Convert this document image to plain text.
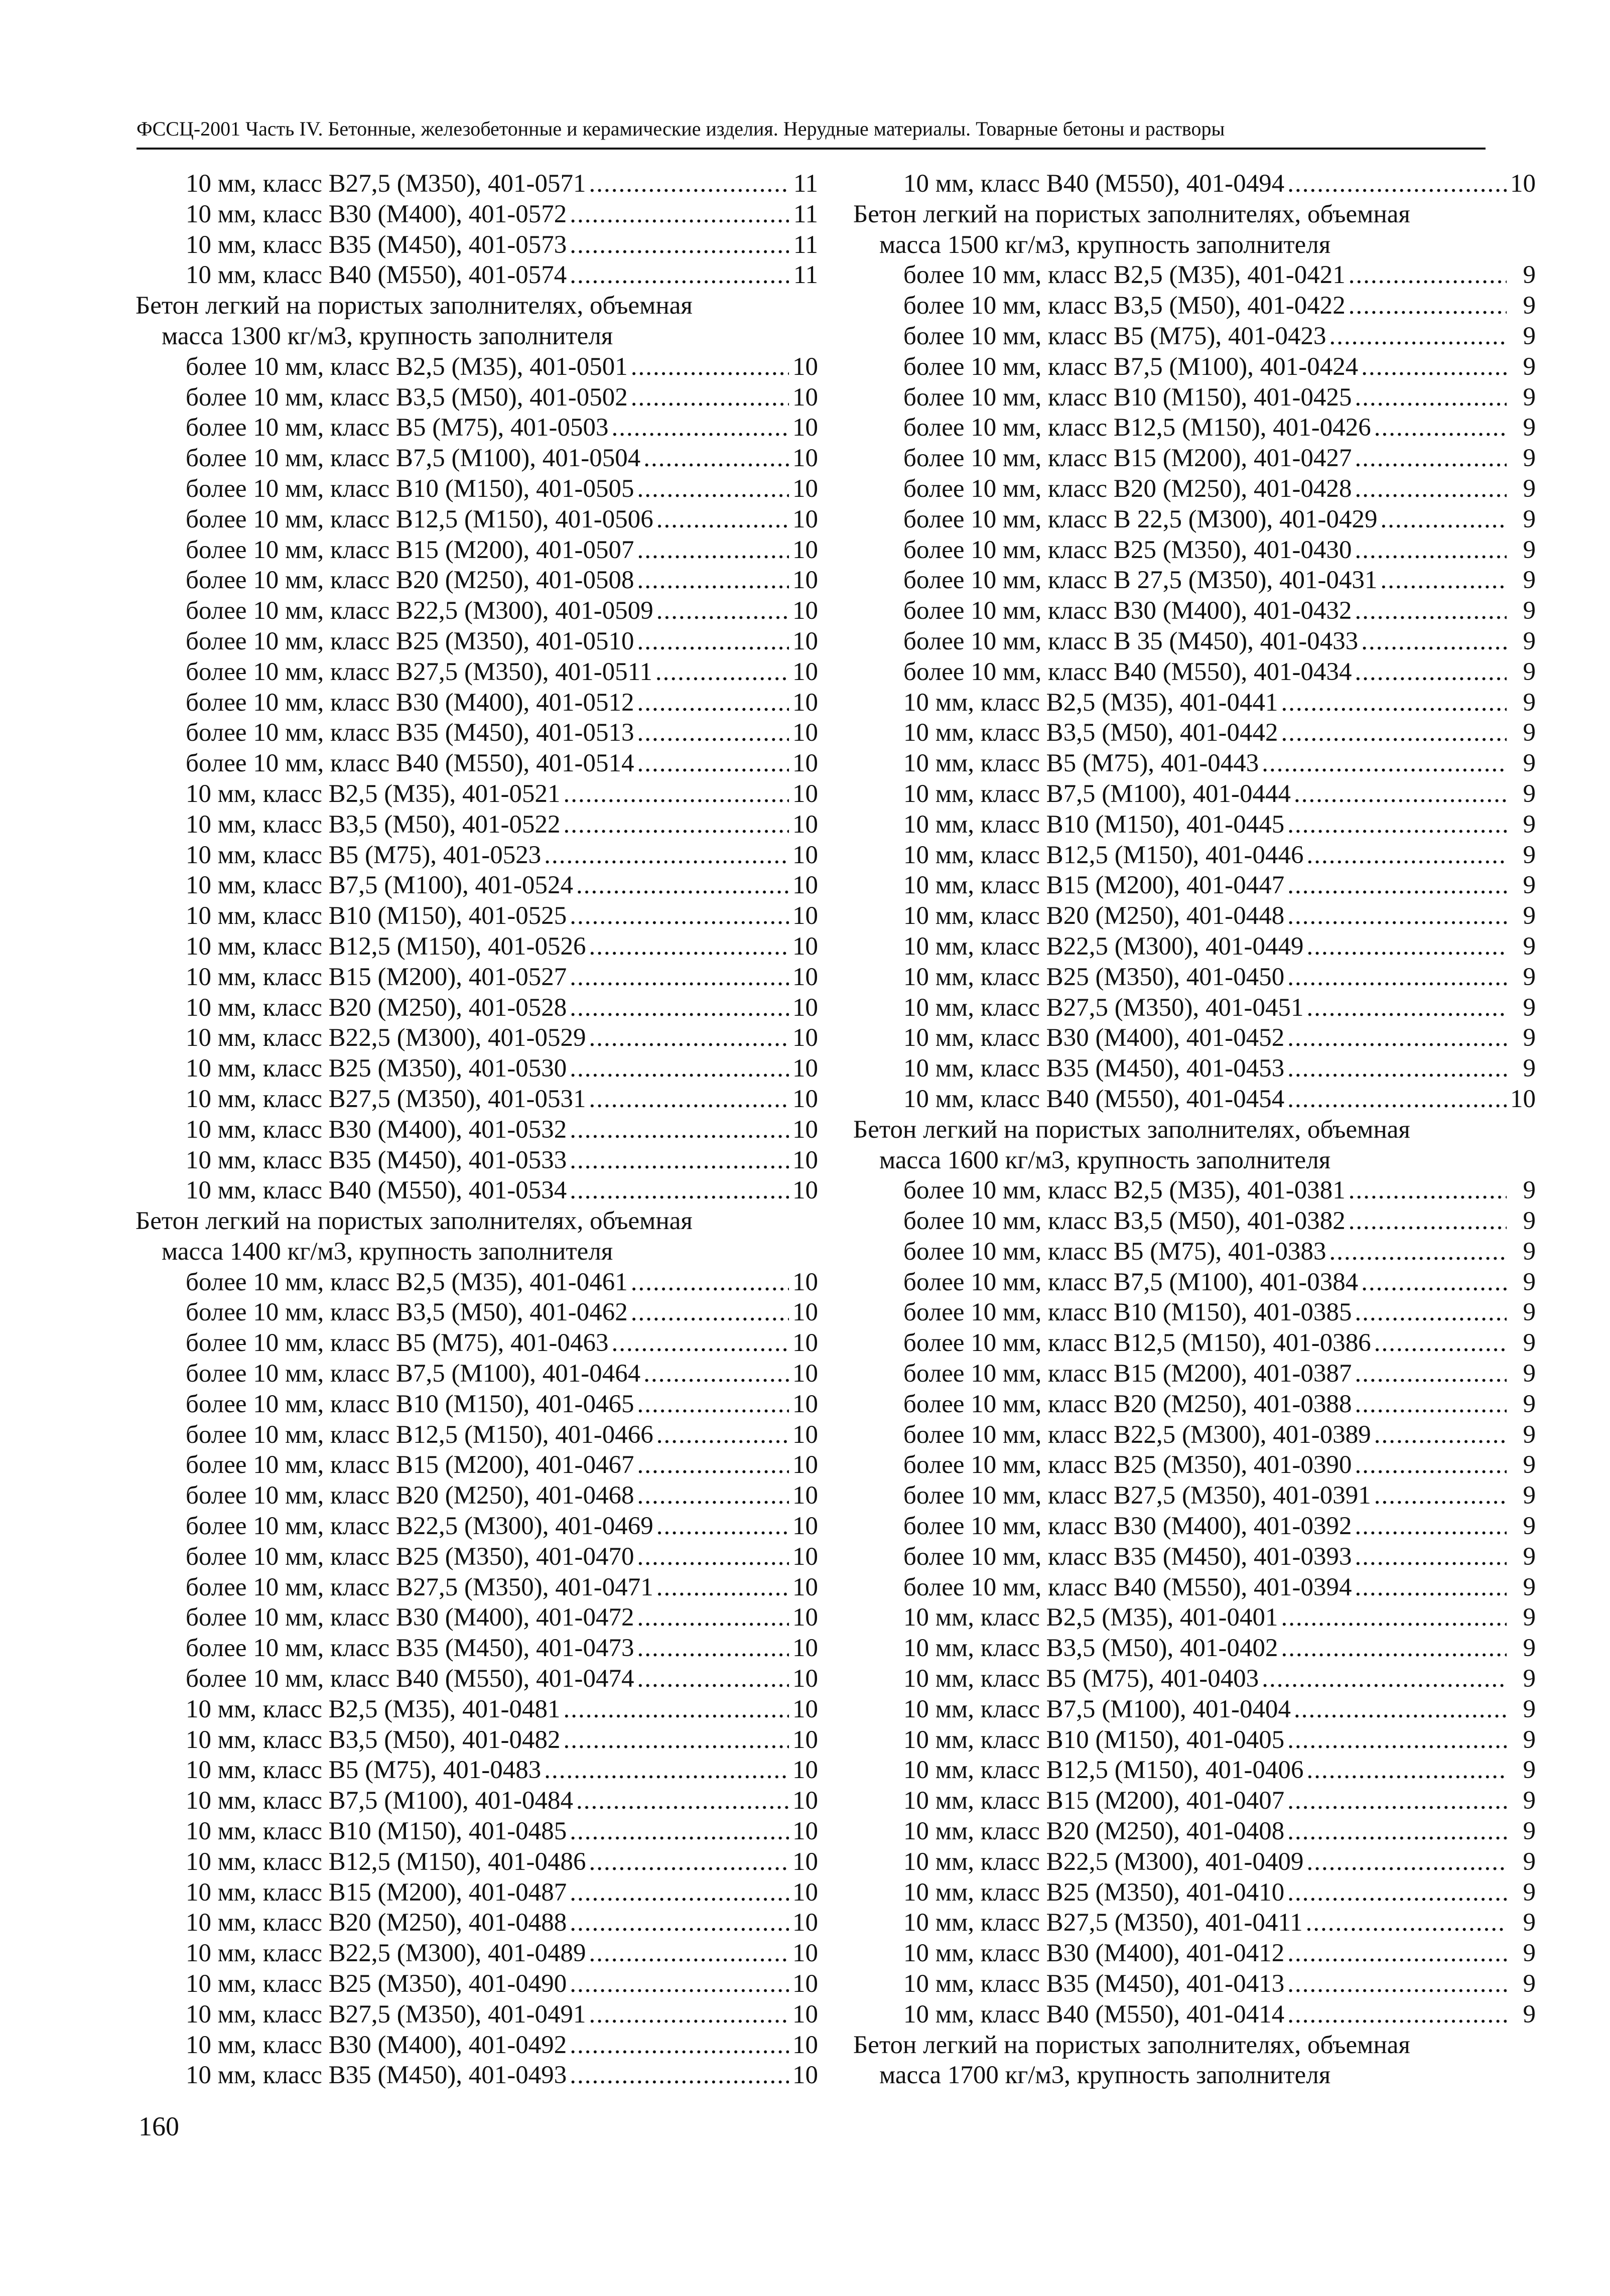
ФССЦ-2001 Часть IV. Бетонные, железобетонные и керамические изделия. Нерудные материалы. Товарные бетоны и растворы
10 мм, класс В27,5 (М350), 401-0571 .....	11
10 мм, класс В30 (М400), 401-0572 .....	11
10 мм, класс В35 (М450), 401-0573 .....	11
10 мм, класс В40 (М550), 401-0574 .....	11
Бетон легкий на пористых заполнителях, объемная
масса 1300 кг/м3, крупность заполнителя
более 10 мм, класс В2,5 (М35), 401-0501 .....	10
более 10 мм, класс В3,5 (М50), 401-0502 .....	10
более 10 мм, класс В5 (М75), 401-0503 .....	10
более 10 мм, класс В7,5 (М100), 401-0504 .....	10
более 10 мм, класс В10 (М150), 401-0505 .....	10
более 10 мм, класс В12,5 (М150), 401-0506 .....	10
более 10 мм, класс В15 (М200), 401-0507 .....	10
более 10 мм, класс В20 (М250), 401-0508 .....	10
более 10 мм, класс В22,5 (М300), 401-0509 .....	10
более 10 мм, класс В25 (М350), 401-0510 .....	10
более 10 мм, класс В27,5 (М350), 401-0511 .....	10
более 10 мм, класс В30 (М400), 401-0512 .....	10
более 10 мм, класс В35 (М450), 401-0513 .....	10
более 10 мм, класс В40 (М550), 401-0514 .....	10
10 мм, класс В2,5 (М35), 401-0521 .....	10
10 мм, класс В3,5 (М50), 401-0522 .....	10
10 мм, класс В5 (М75), 401-0523 .....	10
10 мм, класс В7,5 (М100), 401-0524 .....	10
10 мм, класс В10 (М150), 401-0525 .....	10
10 мм, класс В12,5 (М150), 401-0526 .....	10
10 мм, класс В15 (М200), 401-0527 .....	10
10 мм, класс В20 (М250), 401-0528 .....	10
10 мм, класс В22,5 (М300), 401-0529 .....	10
10 мм, класс В25 (М350), 401-0530 .....	10
10 мм, класс В27,5 (М350), 401-0531 .....	10
10 мм, класс В30 (М400), 401-0532 .....	10
10 мм, класс В35 (М450), 401-0533 .....	10
10 мм, класс В40 (М550), 401-0534 .....	10
Бетон легкий на пористых заполнителях, объемная
масса 1400 кг/м3, крупность заполнителя
более 10 мм, класс В2,5 (М35), 401-0461 .....	10
более 10 мм, класс В3,5 (М50), 401-0462 .....	10
более 10 мм, класс В5 (М75), 401-0463 .....	10
более 10 мм, класс В7,5 (М100), 401-0464 .....	10
более 10 мм, класс В10 (М150), 401-0465 .....	10
более 10 мм, класс В12,5 (М150), 401-0466 .....	10
более 10 мм, класс В15 (М200), 401-0467 .....	10
более 10 мм, класс В20 (М250), 401-0468 .....	10
более 10 мм, класс В22,5 (М300), 401-0469 .....	10
более 10 мм, класс В25 (М350), 401-0470 .....	10
более 10 мм, класс В27,5 (М350), 401-0471 .....	10
более 10 мм, класс В30 (М400), 401-0472 .....	10
более 10 мм, класс В35 (М450), 401-0473 .....	10
более 10 мм, класс В40 (М550), 401-0474 .....	10
10 мм, класс В2,5 (М35), 401-0481 .....	10
10 мм, класс В3,5 (М50), 401-0482 .....	10
10 мм, класс В5 (М75), 401-0483 .....	10
10 мм, класс В7,5 (М100), 401-0484 .....	10
10 мм, класс В10 (М150), 401-0485 .....	10
10 мм, класс В12,5 (М150), 401-0486 .....	10
10 мм, класс В15 (М200), 401-0487 .....	10
10 мм, класс В20 (М250), 401-0488 .....	10
10 мм, класс В22,5 (М300), 401-0489 .....	10
10 мм, класс В25 (М350), 401-0490 .....	10
10 мм, класс В27,5 (М350), 401-0491 .....	10
10 мм, класс В30 (М400), 401-0492 .....	10
10 мм, класс В35 (М450), 401-0493 .....	10
10 мм, класс В40 (М550), 401-0494 .....	10
Бетон легкий на пористых заполнителях, объемная
масса 1500 кг/м3, крупность заполнителя
более 10 мм, класс В2,5 (М35), 401-0421 .....	9
более 10 мм, класс В3,5 (М50), 401-0422 .....	9
более 10 мм, класс В5 (М75), 401-0423 .....	9
более 10 мм, класс В7,5 (М100), 401-0424 .....	9
более 10 мм, класс В10 (М150), 401-0425 .....	9
более 10 мм, класс В12,5 (М150), 401-0426 .....	9
более 10 мм, класс В15 (М200), 401-0427 .....	9
более 10 мм, класс В20 (М250), 401-0428 .....	9
более 10 мм, класс В 22,5 (М300), 401-0429 .....	9
более 10 мм, класс В25 (М350), 401-0430 .....	9
более 10 мм, класс В 27,5 (М350), 401-0431 .....	9
более 10 мм, класс В30 (М400), 401-0432 .....	9
более 10 мм, класс В 35 (М450), 401-0433 .....	9
более 10 мм, класс В40 (М550), 401-0434 .....	9
10 мм, класс В2,5 (М35), 401-0441 .....	9
10 мм, класс В3,5 (М50), 401-0442 .....	9
10 мм, класс В5 (М75), 401-0443 .....	9
10 мм, класс В7,5 (М100), 401-0444 .....	9
10 мм, класс В10 (М150), 401-0445 .....	9
10 мм, класс В12,5 (М150), 401-0446 .....	9
10 мм, класс В15 (М200), 401-0447 .....	9
10 мм, класс В20 (М250), 401-0448 .....	9
10 мм, класс В22,5 (М300), 401-0449 .....	9
10 мм, класс В25 (М350), 401-0450 .....	9
10 мм, класс В27,5 (М350), 401-0451 .....	9
10 мм, класс В30 (М400), 401-0452 .....	9
10 мм, класс В35 (М450), 401-0453 .....	9
10 мм, класс В40 (М550), 401-0454 .....	10
Бетон легкий на пористых заполнителях, объемная
масса 1600 кг/м3, крупность заполнителя
более 10 мм, класс В2,5 (М35), 401-0381 .....	9
более 10 мм, класс В3,5 (М50), 401-0382 .....	9
более 10 мм, класс В5 (М75), 401-0383 .....	9
более 10 мм, класс В7,5 (М100), 401-0384 .....	9
более 10 мм, класс В10 (М150), 401-0385 .....	9
более 10 мм, класс В12,5 (М150), 401-0386 .....	9
более 10 мм, класс В15 (М200), 401-0387 .....	9
более 10 мм, класс В20 (М250), 401-0388 .....	9
более 10 мм, класс В22,5 (М300), 401-0389 .....	9
более 10 мм, класс В25 (М350), 401-0390 .....	9
более 10 мм, класс В27,5 (М350), 401-0391 .....	9
более 10 мм, класс В30 (М400), 401-0392 .....	9
более 10 мм, класс В35 (М450), 401-0393 .....	9
более 10 мм, класс В40 (М550), 401-0394 .....	9
10 мм, класс В2,5 (М35), 401-0401 .....	9
10 мм, класс В3,5 (М50), 401-0402 .....	9
10 мм, класс В5 (М75), 401-0403 .....	9
10 мм, класс В7,5 (М100), 401-0404 .....	9
10 мм, класс В10 (М150), 401-0405 .....	9
10 мм, класс В12,5 (М150), 401-0406 .....	9
10 мм, класс В15 (М200), 401-0407 .....	9
10 мм, класс В20 (М250), 401-0408 .....	9
10 мм, класс В22,5 (М300), 401-0409 .....	9
10 мм, класс В25 (М350), 401-0410 .....	9
10 мм, класс В27,5 (М350), 401-0411 .....	9
10 мм, класс В30 (М400), 401-0412 .....	9
10 мм, класс В35 (М450), 401-0413 .....	9
10 мм, класс В40 (М550), 401-0414 .....	9
Бетон легкий на пористых заполнителях, объемная
масса 1700 кг/м3, крупность заполнителя
160
